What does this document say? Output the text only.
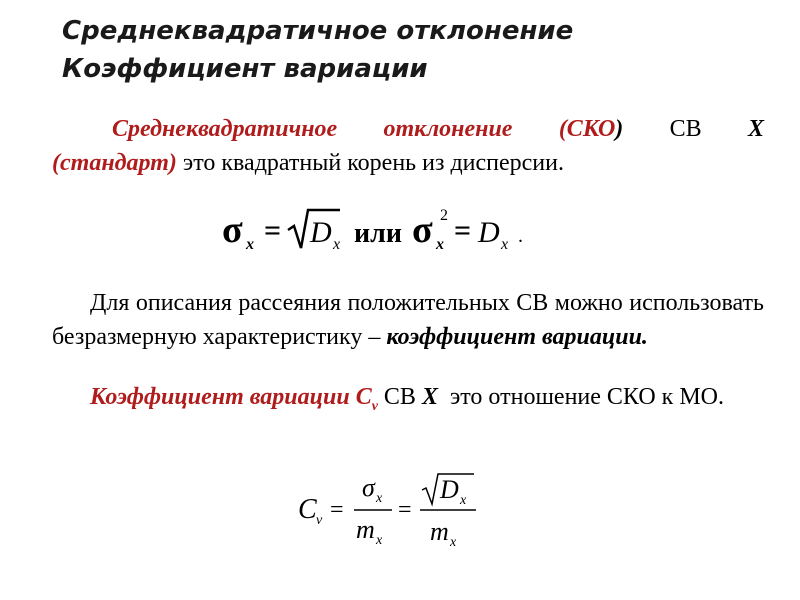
Среднеквадратичное отклонение
Коэффициент вариации
Среднеквадратичное отклонение (СКО) СВ X
(стандарт) это квадратный корень из дисперсии.
σ x = D x или σ x
2 = D x .
Для описания рассеяния положительных СВ можно использовать безразмерную характеристику – коэффициент вариации.
Коэффициент вариации $C_v$ СВ X это отношение СКО к МО.
C v =
σ x
m x
=
D x
m x
